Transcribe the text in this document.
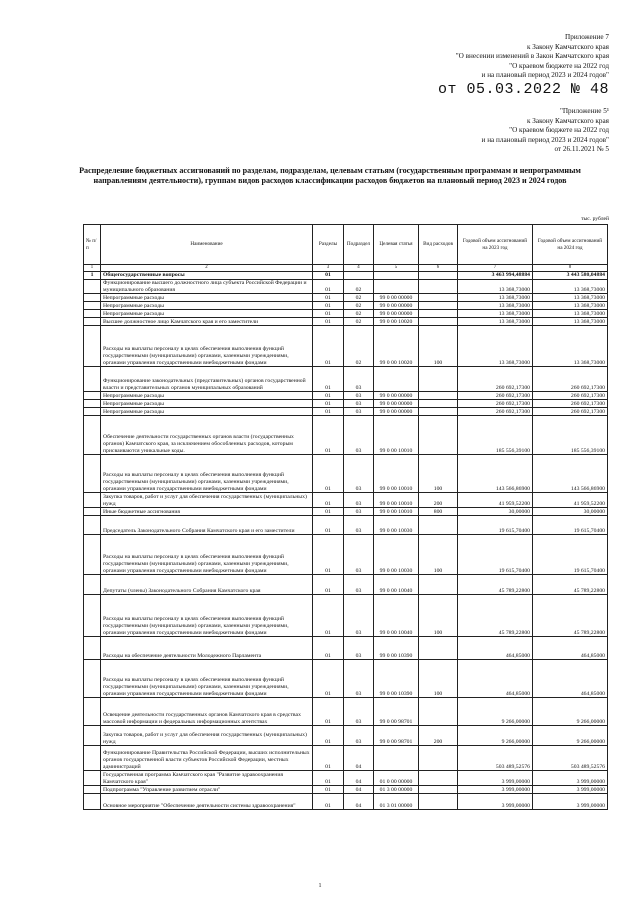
Приложение 7
к Закону Камчатского края
"О внесении изменений в Закон Камчатского края
"О краевом бюджете на 2022 год
и на плановый период 2023 и 2024 годов"
от 05.03.2022 № 48
"Приложение 5¹
к Закону Камчатского края
"О краевом бюджете на 2022 год
и на плановый период 2023 и 2024 годов"
от 26.11.2021 № 5
Распределение бюджетных ассигнований по разделам, подразделам, целевым статьям (государственным программам и непрограммным направлениям деятельности), группам видов расходов классификации расходов бюджетов на плановый период 2023 и 2024 годов
тыс. рублей
№ п/п	Наименование	Разделы	Подраздел	Целевая статья	Вид расходов	Годовой объем ассигнований на 2023 год	Годовой объем ассигнований на 2024 год
1	2	3	4	5	6	7	8
1	Общегосударственные вопросы	01				3 463 994,48884	3 443 580,04884
	Функционирование высшего должностного лица субъекта Российской Федерации и муниципального образования	01	02			13 368,73000	13 368,73000
	Непрограммные расходы	01	02	99 0 00 00000		13 368,73000	13 368,73000
	Непрограммные расходы	01	02	99 0 00 00000		13 368,73000	13 368,73000
	Непрограммные расходы	01	02	99 0 00 00000		13 368,73000	13 368,73000
	Высшее должностное лицо Камчатского края и его заместители	01	02	99 0 00 10020		13 368,73000	13 368,73000
	Расходы на выплаты персоналу в целях обеспечения выполнения функций государственными (муниципальными) органами, казенными учреждениями, органами управления государственными внебюджетными фондами	01	02	99 0 00 10020	100	13 368,73000	13 368,73000
	Функционирование законодательных (представительных) органов государственной власти и представительных органов муниципальных образований	01	03			260 692,17300	260 692,17300
	Непрограммные расходы	01	03	99 0 00 00000		260 692,17300	260 692,17300
	Непрограммные расходы	01	03	99 0 00 00000		260 692,17300	260 692,17300
	Непрограммные расходы	01	03	99 0 00 00000		260 692,17300	260 692,17300
	Обеспечение деятельности государственных органов власти (государственных органов) Камчатского края, за исключением обособленных расходов, которым присваиваются уникальные коды.	01	03	99 0 00 10010		185 556,39100	185 556,39100
	Расходы на выплаты персоналу в целях обеспечения выполнения функций государственными (муниципальными) органами, казенными учреждениями, органами управления государственными внебюджетными фондами	01	03	99 0 00 10010	100	143 566,86900	143 566,86900
	Закупка товаров, работ и услуг для обеспечения государственных (муниципальных) нужд	01	03	99 0 00 10010	200	41 959,52200	41 959,52200
	Иные бюджетные ассигнования	01	03	99 0 00 10010	800	30,00000	30,00000
	Председатель Законодательного Собрания Камчатского края и его заместители	01	03	99 0 00 10030		19 615,70400	19 615,70400
	Расходы на выплаты персоналу в целях обеспечения выполнения функций государственными (муниципальными) органами, казенными учреждениями, органами управления государственными внебюджетными фондами	01	03	99 0 00 10030	100	19 615,70400	19 615,70400
	Депутаты (члены) Законодательного Собрания Камчатского края	01	03	99 0 00 10040		45 789,22800	45 789,22800
	Расходы на выплаты персоналу в целях обеспечения выполнения функций государственными (муниципальными) органами, казенными учреждениями, органами управления государственными внебюджетными фондами	01	03	99 0 00 10040	100	45 789,22800	45 789,22800
	Расходы на обеспечение деятельности Молодежного Парламента	01	03	99 0 00 10390		464,85000	464,85000
	Расходы на выплаты персоналу в целях обеспечения выполнения функций государственными (муниципальными) органами, казенными учреждениями, органами управления государственными внебюджетными фондами	01	03	99 0 00 10390	100	464,85000	464,85000
	Освещение деятельности государственных органов Камчатского края в средствах массовой информации и федеральных информационных агентствах	01	03	99 0 00 98701		9 266,00000	9 266,00000
	Закупка товаров, работ и услуг для обеспечения государственных (муниципальных) нужд	01	03	99 0 00 98701	200	9 266,00000	9 266,00000
	Функционирование Правительства Российской Федерации, высших исполнительных органов государственной власти субъектов Российской Федерации, местных администраций	01	04			503 489,52576	503 489,52576
	Государственная программа Камчатского края "Развитие здравоохранения Камчатского края"	01	04	01 0 00 00000		3 999,00000	3 999,00000
	Подпрограмма "Управление развитием отрасли"	01	04	01 3 00 00000		3 999,00000	3 999,00000
	Основное мероприятие "Обеспечение деятельности системы здравоохранения"	01	04	01 3 01 00000		3 999,00000	3 999,00000
1
